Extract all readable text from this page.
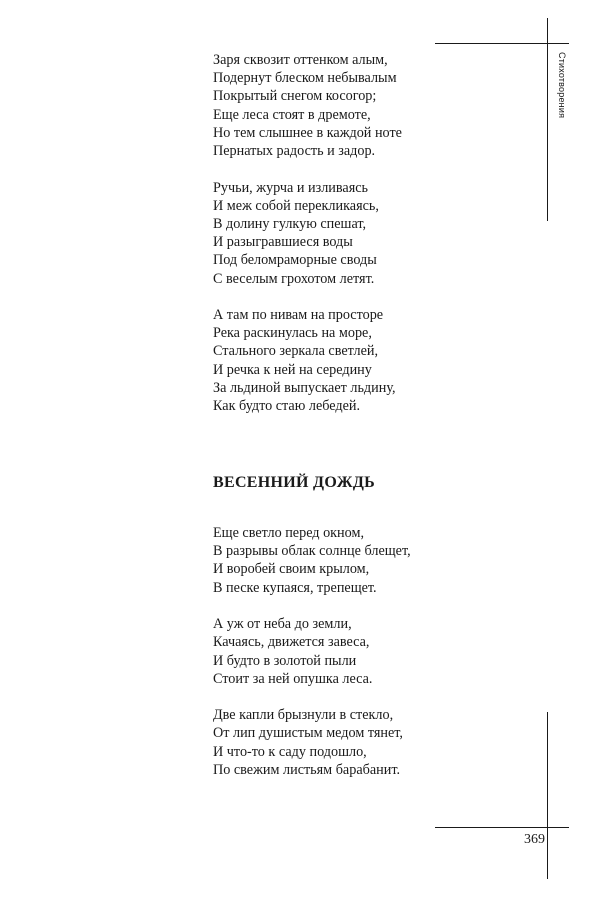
Стихотворения
369
Заря сквозит оттенком алым,
Подернут блеском небывалым
Покрытый снегом косогор;
Еще леса стоят в дремоте,
Но тем слышнее в каждой ноте
Пернатых радость и задор.
Ручьи, журча и изливаясь
И меж собой перекликаясь,
В долину гулкую спешат,
И разыгравшиеся воды
Под беломраморные своды
С веселым грохотом летят.
А там по нивам на просторе
Река раскинулась на море,
Стального зеркала светлей,
И речка к ней на середину
За льдиной выпускает льдину,
Как будто стаю лебедей.
ВЕСЕННИЙ ДОЖДЬ
Еще светло перед окном,
В разрывы облак солнце блещет,
И воробей своим крылом,
В песке купаяся, трепещет.
А уж от неба до земли,
Качаясь, движется завеса,
И будто в золотой пыли
Стоит за ней опушка леса.
Две капли брызнули в стекло,
От лип душистым медом тянет,
И что-то к саду подошло,
По свежим листьям барабанит.
